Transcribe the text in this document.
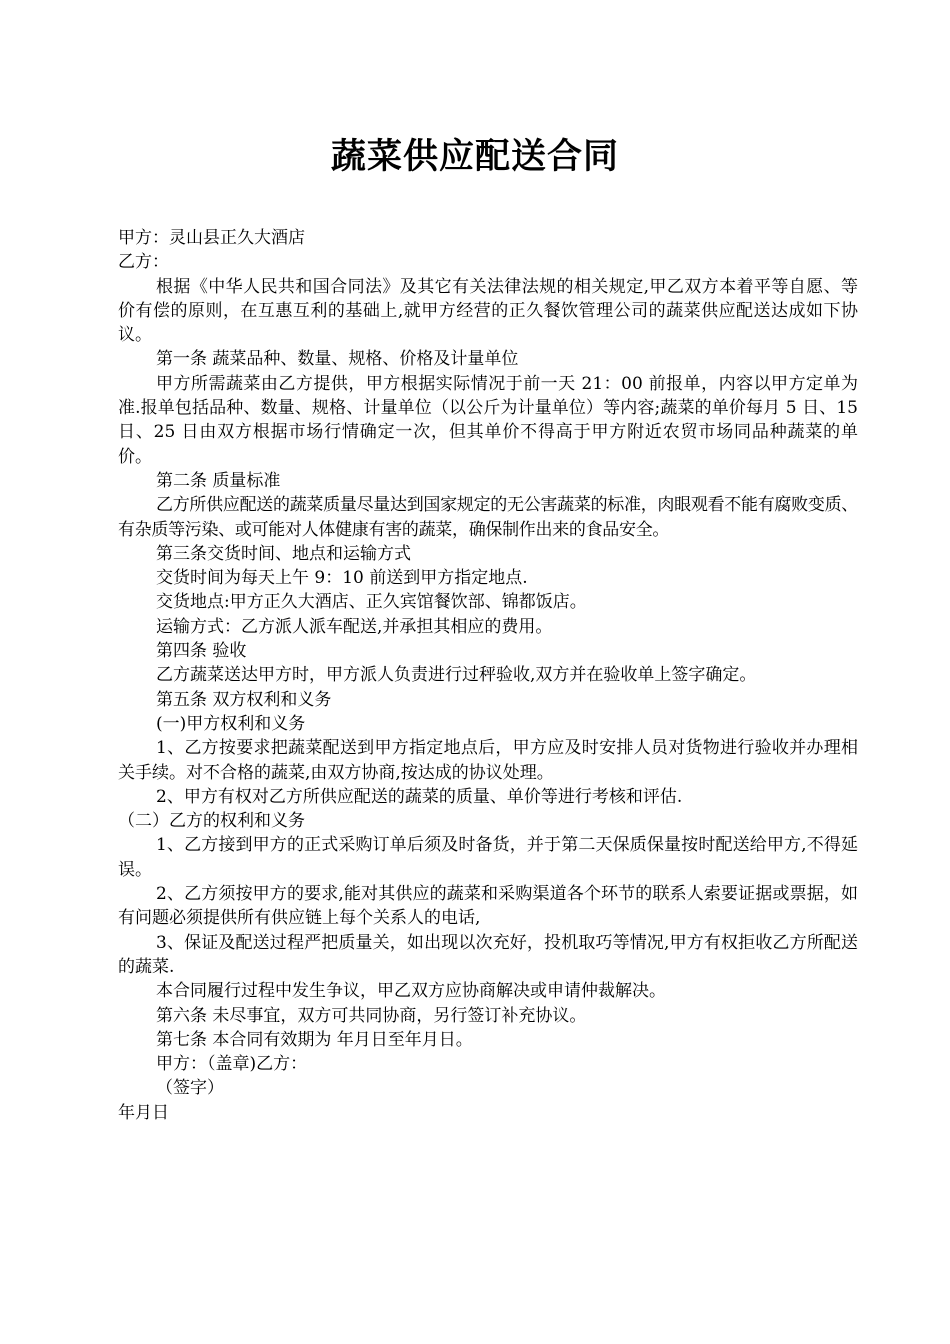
蔬菜供应配送合同

甲方：灵山县正久大酒店

乙方：

根据《中华人民共和国合同法》及其它有关法律法规的相关规定,甲乙双方本着平等自愿、等价有偿的原则，在互惠互利的基础上,就甲方经营的正久餐饮管理公司的蔬菜供应配送达成如下协议。

第一条 蔬菜品种、数量、规格、价格及计量单位

甲方所需蔬菜由乙方提供，甲方根据实际情况于前一天 21：00 前报单，内容以甲方定单为准.报单包括品种、数量、规格、计量单位（以公斤为计量单位）等内容;蔬菜的单价每月 5 日、15 日、25 日由双方根据市场行情确定一次，但其单价不得高于甲方附近农贸市场同品种蔬菜的单价。

第二条 质量标准

乙方所供应配送的蔬菜质量尽量达到国家规定的无公害蔬菜的标准，肉眼观看不能有腐败变质、有杂质等污染、或可能对人体健康有害的蔬菜，确保制作出来的食品安全。

第三条交货时间、地点和运输方式

交货时间为每天上午 9：10 前送到甲方指定地点.

交货地点:甲方正久大酒店、正久宾馆餐饮部、锦都饭店。

运输方式：乙方派人派车配送,并承担其相应的费用。

第四条 验收

乙方蔬菜送达甲方时，甲方派人负责进行过秤验收,双方并在验收单上签字确定。

第五条 双方权利和义务

(一)甲方权利和义务

1、乙方按要求把蔬菜配送到甲方指定地点后，甲方应及时安排人员对货物进行验收并办理相关手续。对不合格的蔬菜,由双方协商,按达成的协议处理。

2、甲方有权对乙方所供应配送的蔬菜的质量、单价等进行考核和评估.

（二）乙方的权利和义务

1、乙方接到甲方的正式采购订单后须及时备货，并于第二天保质保量按时配送给甲方,不得延误。

2、乙方须按甲方的要求,能对其供应的蔬菜和采购渠道各个环节的联系人索要证据或票据，如有问题必须提供所有供应链上每个关系人的电话,

3、保证及配送过程严把质量关，如出现以次充好，投机取巧等情况,甲方有权拒收乙方所配送的蔬菜.

本合同履行过程中发生争议，甲乙双方应协商解决或申请仲裁解决。

第六条 未尽事宜，双方可共同协商，另行签订补充协议。

第七条 本合同有效期为 年月日至年月日。

甲方：（盖章)乙方：

（签字）

年月日
